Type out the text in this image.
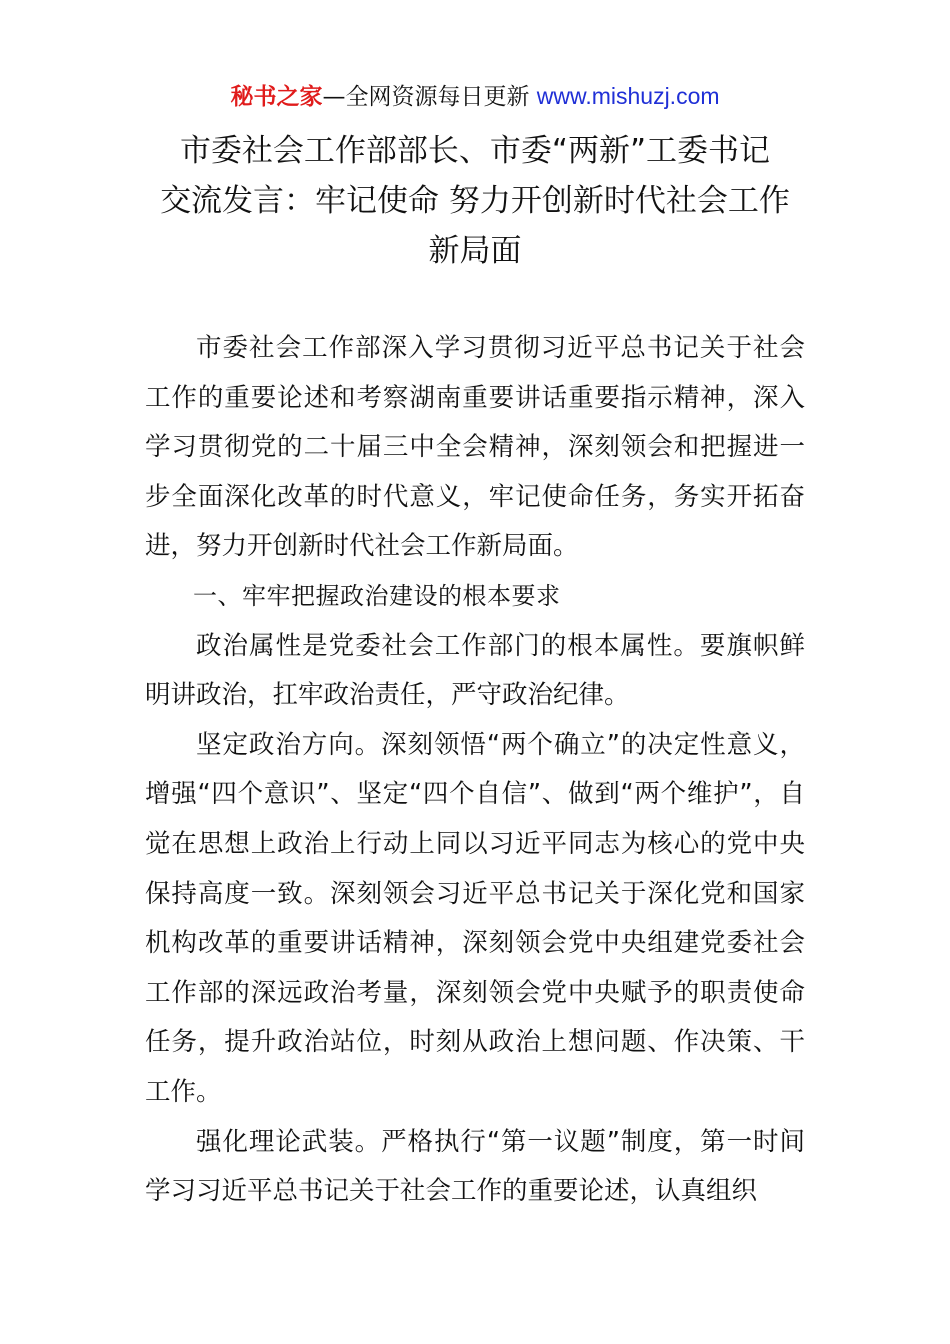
秘书之家—全网资源每日更新 www.mishuzj.com
市委社会工作部部长、市委“两新”工委书记
交流发言：牢记使命 努力开创新时代社会工作
新局面

市委社会工作部深入学习贯彻习近平总书记关于社会工作的重要论述和考察湖南重要讲话重要指示精神，深入学习贯彻党的二十届三中全会精神，深刻领会和把握进一步全面深化改革的时代意义，牢记使命任务，务实开拓奋进，努力开创新时代社会工作新局面。

一、牢牢把握政治建设的根本要求

政治属性是党委社会工作部门的根本属性。要旗帜鲜明讲政治，扛牢政治责任，严守政治纪律。

坚定政治方向。深刻领悟“两个确立”的决定性意义，增强“四个意识”、坚定“四个自信”、做到“两个维护”，自觉在思想上政治上行动上同以习近平同志为核心的党中央保持高度一致。深刻领会习近平总书记关于深化党和国家机构改革的重要讲话精神，深刻领会党中央组建党委社会工作部的深远政治考量，深刻领会党中央赋予的职责使命任务，提升政治站位，时刻从政治上想问题、作决策、干工作。

强化理论武装。严格执行“第一议题”制度，第一时间学习习近平总书记关于社会工作的重要论述，认真组织
